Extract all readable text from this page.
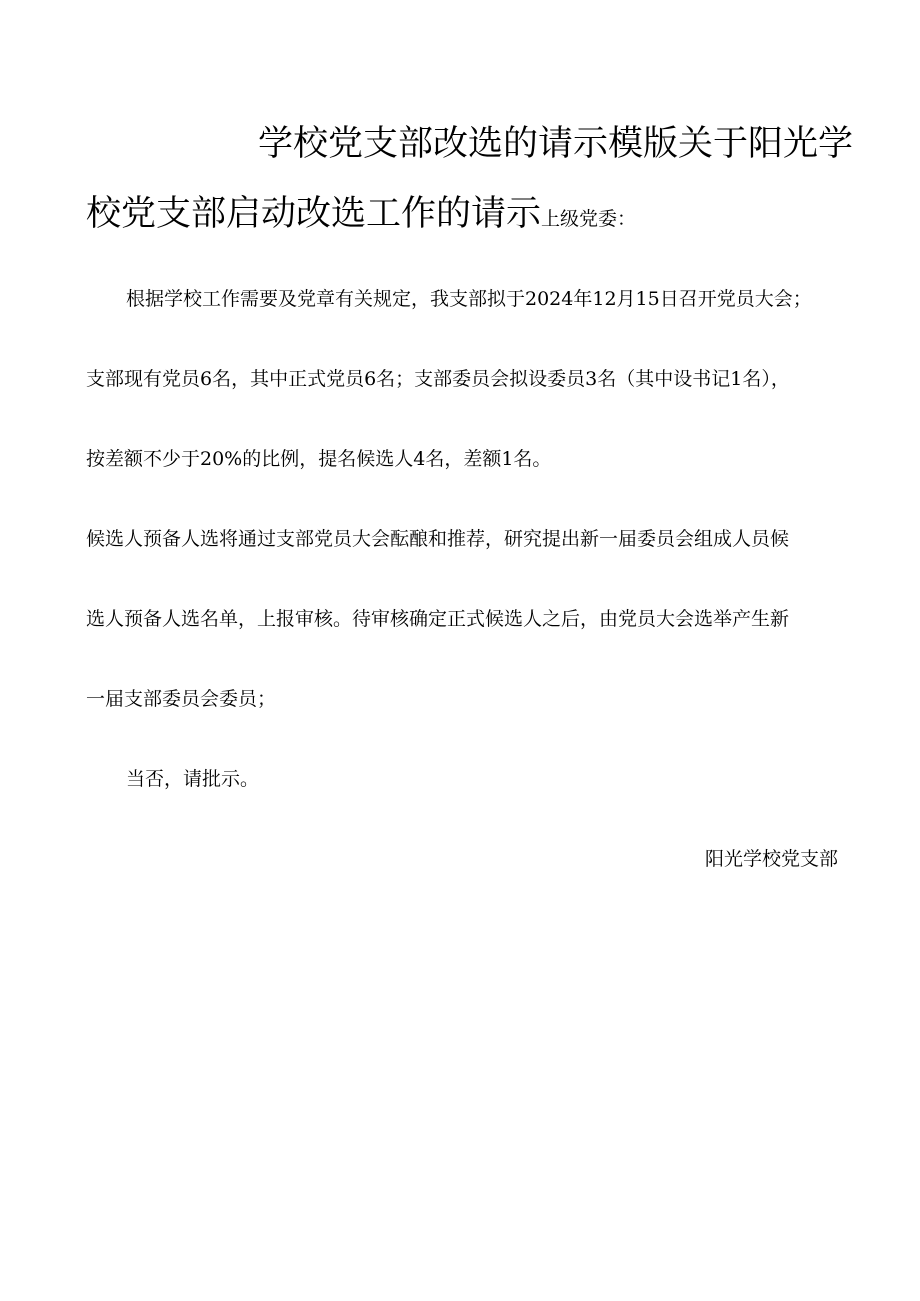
学校党支部改选的请示模版关于阳光学
校党支部启动改选工作的请示上级党委：
根据学校工作需要及党章有关规定，我支部拟于2024年12月15日召开党员大会；
支部现有党员6名，其中正式党员6名；支部委员会拟设委员3名（其中设书记1名），
按差额不少于20%的比例，提名候选人4名，差额1名。
候选人预备人选将通过支部党员大会酝酿和推荐，研究提出新一届委员会组成人员候
选人预备人选名单，上报审核。待审核确定正式候选人之后，由党员大会选举产生新
一届支部委员会委员；
当否，请批示。
阳光学校党支部
